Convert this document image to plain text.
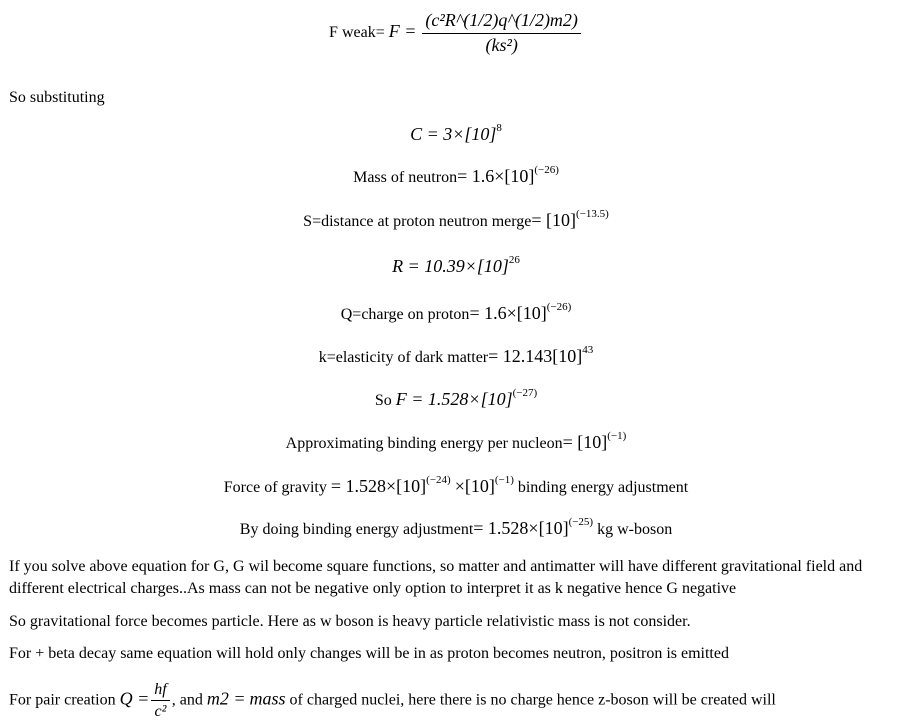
F weak= $F = \frac{\text{(c²R\textasciicircum{}(1/2)q\textasciicircum{}(1/2)m2)}}{\text{(ks²)}}$
So substituting
$C = 3\times[10]^8$
Mass of neutron= $1.6\times[10]^{(-26)}$
S=distance at proton neutron merge= $[10]^{(-13.5)}$
$R = 10.39\times[10]^{26}$
Q=charge on proton= $1.6\times[10]^{(-26)}$
k=elasticity of dark matter= $12.143[10]^{43}$
So $F = 1.528\times[10]^{(-27)}$
Approximating binding energy per nucleon= $[10]^{(-1)}$
Force of gravity = $1.528\times[10]^{(-24)} \times[10]^{(-1)}$ binding energy adjustment
By doing binding energy adjustment= $1.528\times[10]^{(-25)}$ kg w-boson
If you solve above equation for G, G wil become square functions, so matter and antimatter will have different gravitational field and different electrical charges..As mass can not be negative only option to interpret it as k negative hence G negative
So gravitational force becomes particle. Here as w boson is heavy particle relativistic mass is not consider.
For + beta decay same equation will hold only changes will be in as proton becomes neutron, positron is emitted
For pair creation $Q = \frac{hf}{\text{c²}}$ , and m2 = mass of charged nuclei, here there is no charge hence z-boson will be created will
